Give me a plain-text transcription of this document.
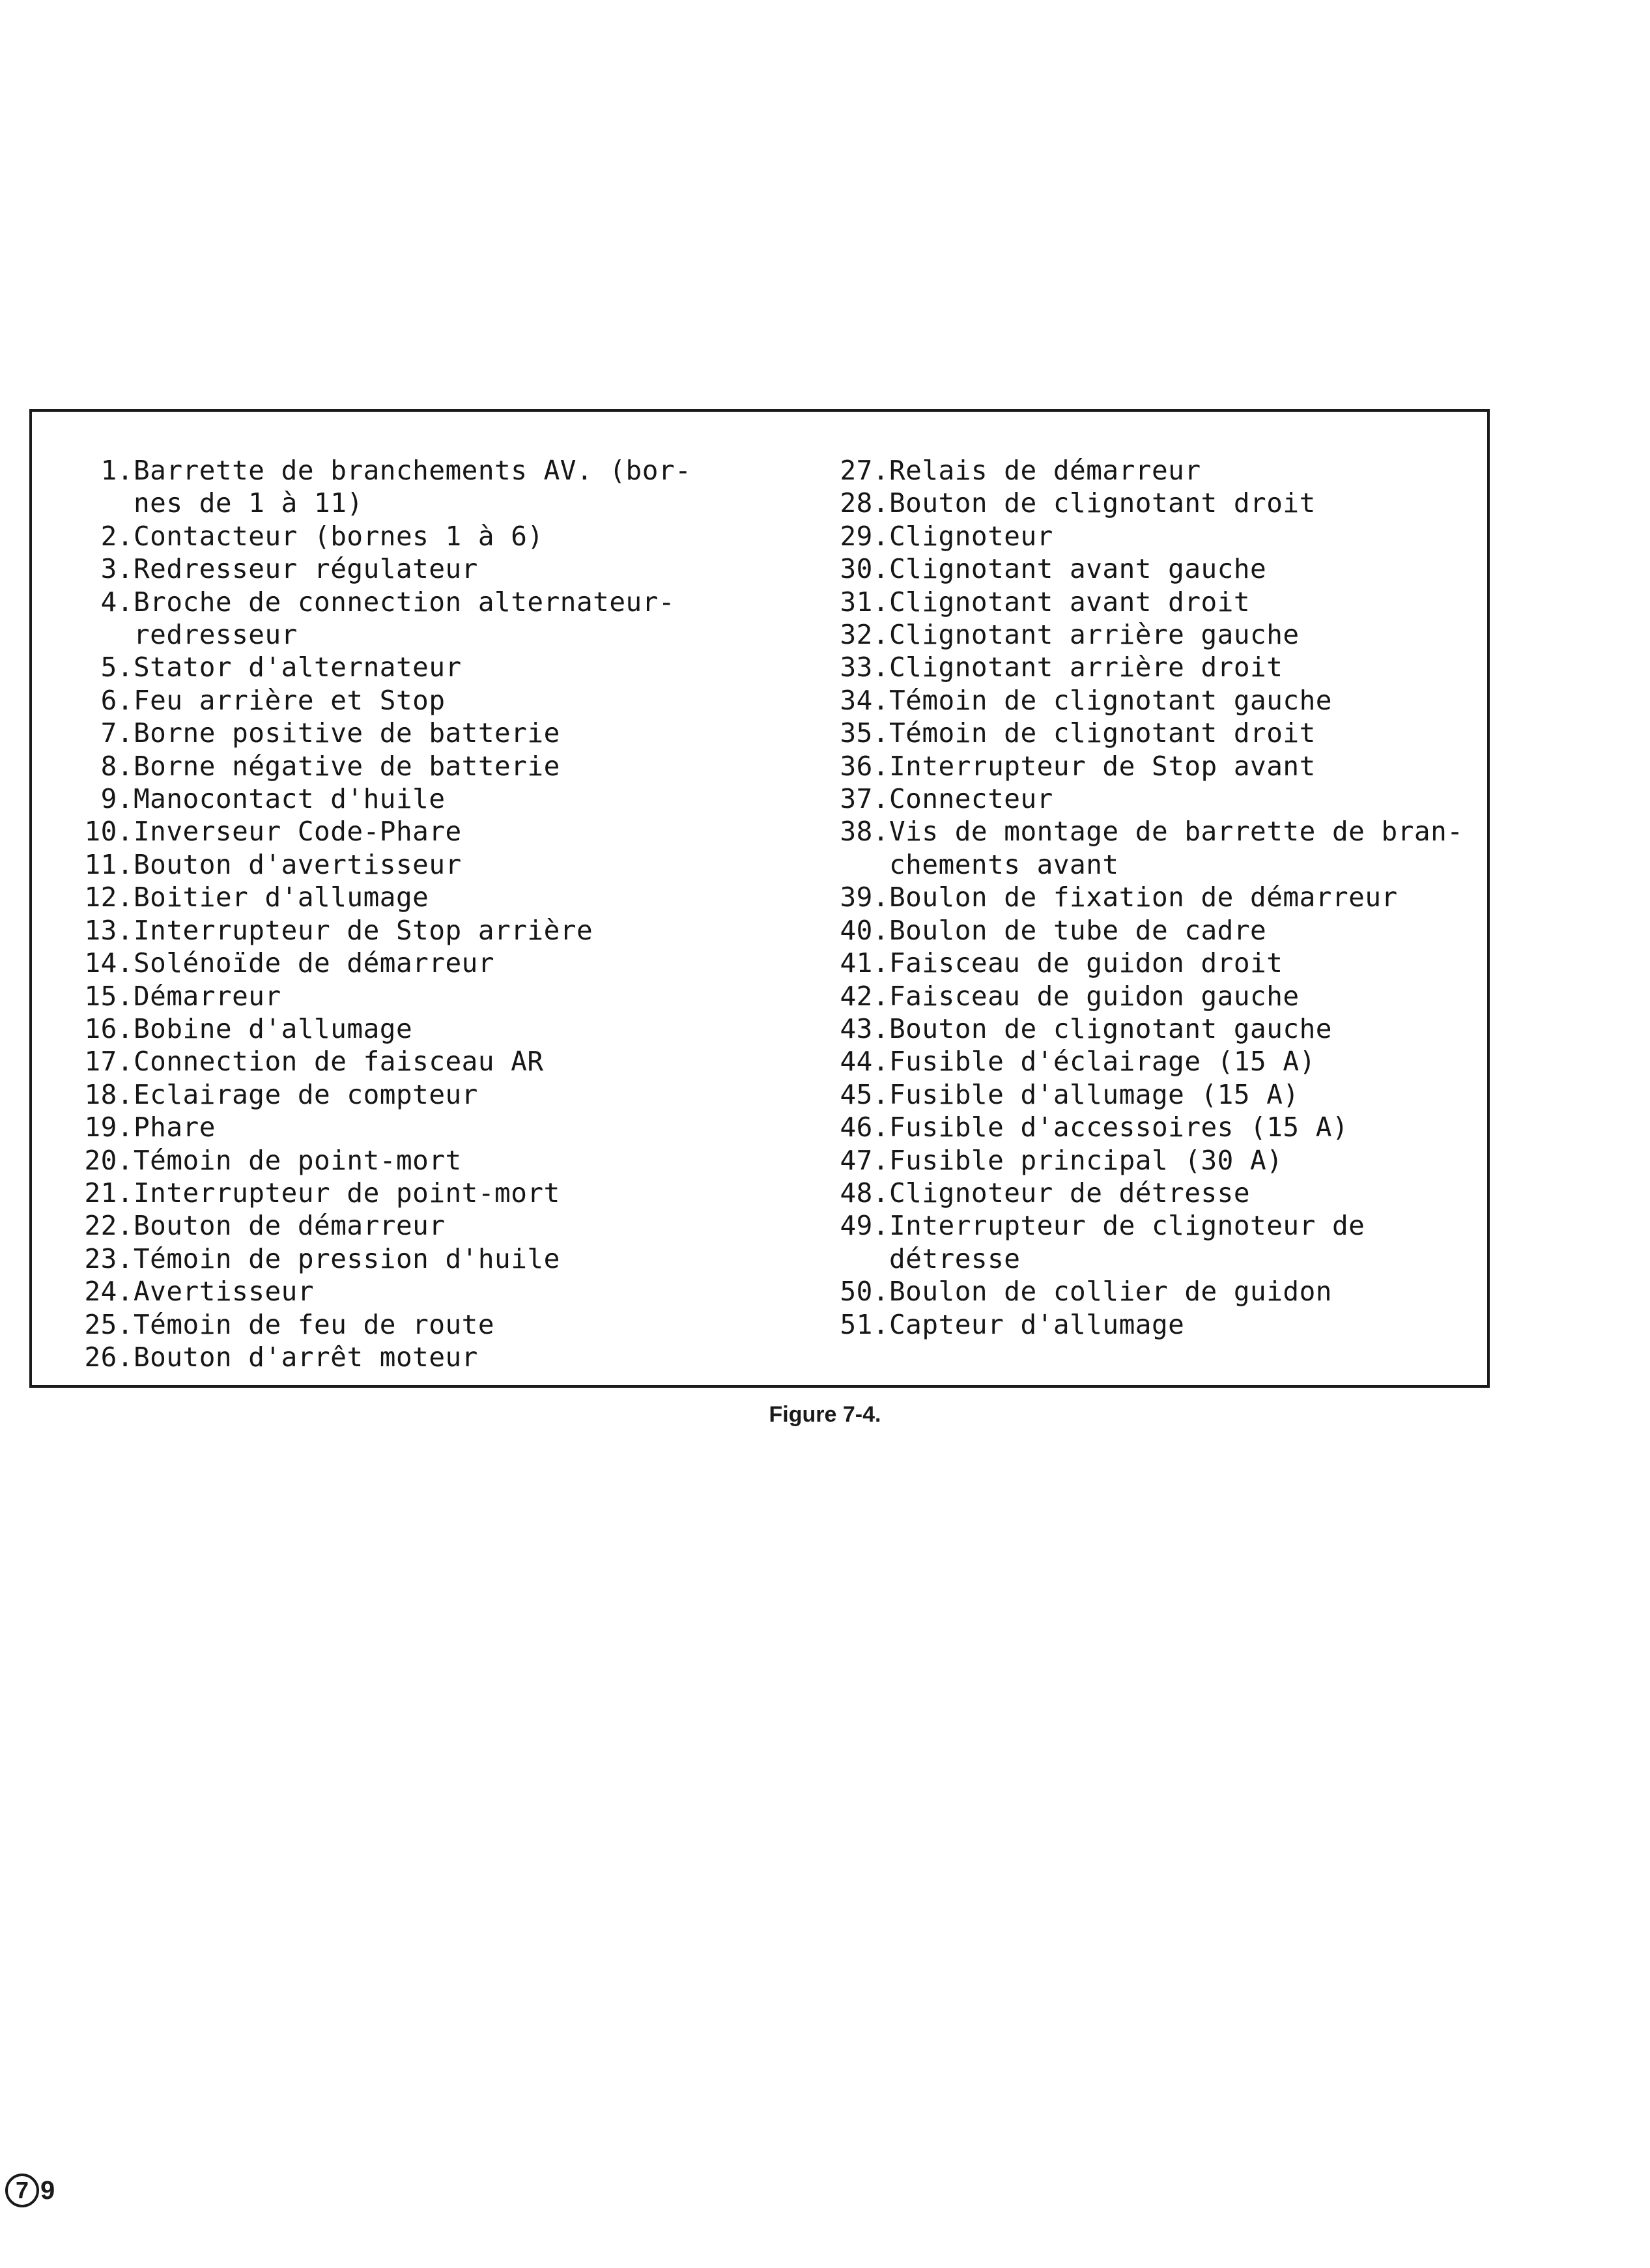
1. Barrette de branchements AV. (bor-
nes de 1 à 11)
2. Contacteur (bornes 1 à 6)
3. Redresseur régulateur
4. Broche de connection alternateur-
redresseur
5. Stator d'alternateur
6. Feu arrière et Stop
7. Borne positive de batterie
8. Borne négative de batterie
9. Manocontact d'huile
10. Inverseur Code-Phare
11. Bouton d'avertisseur
12. Boitier d'allumage
13. Interrupteur de Stop arrière
14. Solénoïde de démarreur
15. Démarreur
16. Bobine d'allumage
17. Connection de faisceau AR
18. Eclairage de compteur
19. Phare
20. Témoin de point-mort
21. Interrupteur de point-mort
22. Bouton de démarreur
23. Témoin de pression d'huile
24. Avertisseur
25. Témoin de feu de route
26. Bouton d'arrêt moteur
27. Relais de démarreur
28. Bouton de clignotant droit
29. Clignoteur
30. Clignotant avant gauche
31. Clignotant avant droit
32. Clignotant arrière gauche
33. Clignotant arrière droit
34. Témoin de clignotant gauche
35. Témoin de clignotant droit
36. Interrupteur de Stop avant
37. Connecteur
38. Vis de montage de barrette de bran-
chements avant
39. Boulon de fixation de démarreur
40. Boulon de tube de cadre
41. Faisceau de guidon droit
42. Faisceau de guidon gauche
43. Bouton de clignotant gauche
44. Fusible d'éclairage (15 A)
45. Fusible d'allumage (15 A)
46. Fusible d'accessoires (15 A)
47. Fusible principal (30 A)
48. Clignoteur de détresse
49. Interrupteur de clignoteur de
détresse
50. Boulon de collier de guidon
51. Capteur d'allumage
Figure 7-4.
7 9
